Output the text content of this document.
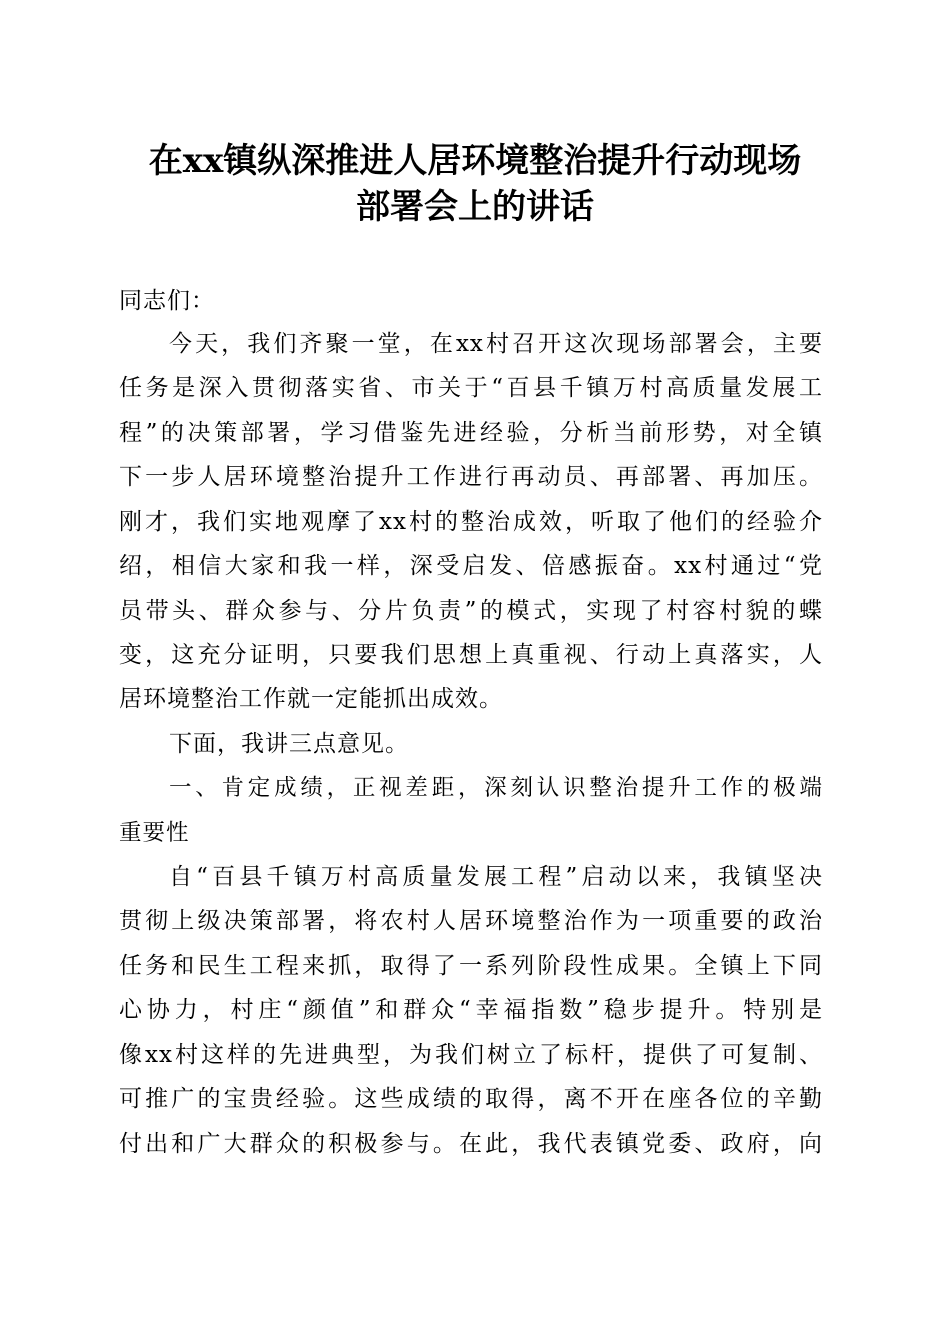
在xx镇纵深推进人居环境整治提升行动现场
部署会上的讲话
同志们：
今天，我们齐聚一堂，在xx村召开这次现场部署会，主要
任务是深入贯彻落实省、市关于“百县千镇万村高质量发展工
程”的决策部署，学习借鉴先进经验，分析当前形势，对全镇
下一步人居环境整治提升工作进行再动员、再部署、再加压。
刚才，我们实地观摩了xx村的整治成效，听取了他们的经验介
绍，相信大家和我一样，深受启发、倍感振奋。xx村通过“党
员带头、群众参与、分片负责”的模式，实现了村容村貌的蝶
变，这充分证明，只要我们思想上真重视、行动上真落实，人
居环境整治工作就一定能抓出成效。
下面，我讲三点意见。
一、肯定成绩，正视差距，深刻认识整治提升工作的极端
重要性
自“百县千镇万村高质量发展工程”启动以来，我镇坚决
贯彻上级决策部署，将农村人居环境整治作为一项重要的政治
任务和民生工程来抓，取得了一系列阶段性成果。全镇上下同
心协力，村庄“颜值”和群众“幸福指数”稳步提升。特别是
像xx村这样的先进典型，为我们树立了标杆，提供了可复制、
可推广的宝贵经验。这些成绩的取得，离不开在座各位的辛勤
付出和广大群众的积极参与。在此，我代表镇党委、政府，向
